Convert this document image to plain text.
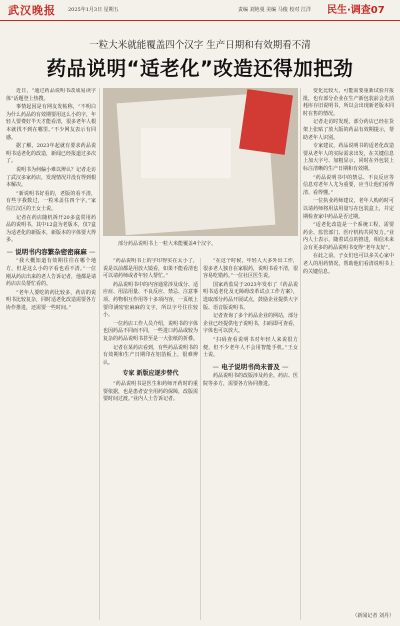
武汉晚报 2025年1月3日 星期五	责编 刘艳曼 美编 马俊 校对 江洋 民生·调查07
一粒大米就能覆盖四个汉字 生产日期和有效期看不清
药品说明“适老化”改造还得加把劲

近日，“通过药品说明书改成易读字体”话题登上热搜。

事情起因是有网友发帖称，“不明白为什么药品的有效期要用这么小的字，年轻人要费好半天才能看清，很多老年人根本就找不到在哪里。”不少网友表示有同感。

据了解，2023年起就有要求药品说明书适老化的改造，新闻已经报道过多次了。

说明书为何偏小难以辨认？记者走访了武汉多家药店，发现情况并没有得到根本解决。

“新说明书好看的，老版的看不清，有些字我数过，一粒米盖住四个字。”家住江汉区的王女士说。

记者在药店随机拆开20多盒常用药品的说明书，其中12盒为老版本，仅7盒为适老化的新版本，新版本的字体要大得多。

— 说明书内容繁杂密密麻麻 —

“我大概知道有效期往往在哪个地方，但是这么小的字看也看不清。”一位刚从药店出来的老人告诉记者，他都是请药店店员帮忙看的。

“老年人要吃的药比较多，药店的说明书比较复杂，同时适老化改造需要各方协作推进，还需要一些时间。”

部分药品说明书上一粒大米能覆盖4个汉字。

“药品说明书上的字印得实在太小了，说是以前都是用放大镜看，如果不能看清也可以请药师或者年轻人帮忙。”

药品说明书中的内容通常涉及成分、适应症、用法用量、不良反应、禁忌、注意事项、药物相互作用等十多项内容，一页纸上要印满密密麻麻的文字，所以字号往往较小。

一位药店工作人员介绍，说明书的字体也因药品不同而不同，一些进口药品或较为复杂的药品说明书甚至是一大张纸的折叠。

记者在某药店看到，有些药品说明书的有效期和生产日期印在铝箔板上，很难辨认。

专家 新版应逐步替代

“药品说明书是医生和药师开药时的重要依据，也是患者安全用药的保障，改版需要时间过渡。”业内人士告诉记者。

“在这个时候，年轻人大多外出工作，很多老人独自在家服药，说明书看不清，很容易吃错药。”一位社区医生说。

国家药监局于2023年发布了《药品说明书适老化及无障碍改革试点工作方案》，选取部分药品开展试点，鼓励企业提供大字版、语音版说明书。

记者查询了多个药品企业的网站，部分企业已经提供电子说明书，扫码即可查看，字体也可以放大。

“扫码查看说明书对年轻人来说很方便，但不少老年人不会用智能手机。”王女士说。

— 电子说明书尚未普及 —

药品说明书的改版涉及药企、药店、医院等多方，需要各方协同推进。

变化比较大，可能需要重新试验并报批，也有部分企业在生产新包装前会先消耗库存旧说明书，所以会出现新老版本同时在售的情况。

记者走访时发现，部分药店已经在货架上张贴了放大版的药品有效期提示，帮助老年人识别。

专家建议，药品说明书的适老化改造要从老年人的实际需求出发，在关键信息上加大字号、加粗显示，同时在外包装上标注清晰的生产日期和有效期。

“药品说明书中的禁忌、不良反应等信息对老年人尤为重要，应当让他们看得清、看得懂。”

一位执业药师建议，老年人购药时可以请药师将用法用量写在包装盒上，并定期检查家中药品是否过期。

“适老化改造是一个系统工程，需要药企、监管部门、医疗机构共同发力。”业内人士表示，随着试点的推进，相信未来会有更多的药品说明书变得“老年友好”。

在此之前，子女们也可以多关心家中老人的用药情况，帮助他们看清说明书上的关键信息。

（新闻记者 刘丹）
